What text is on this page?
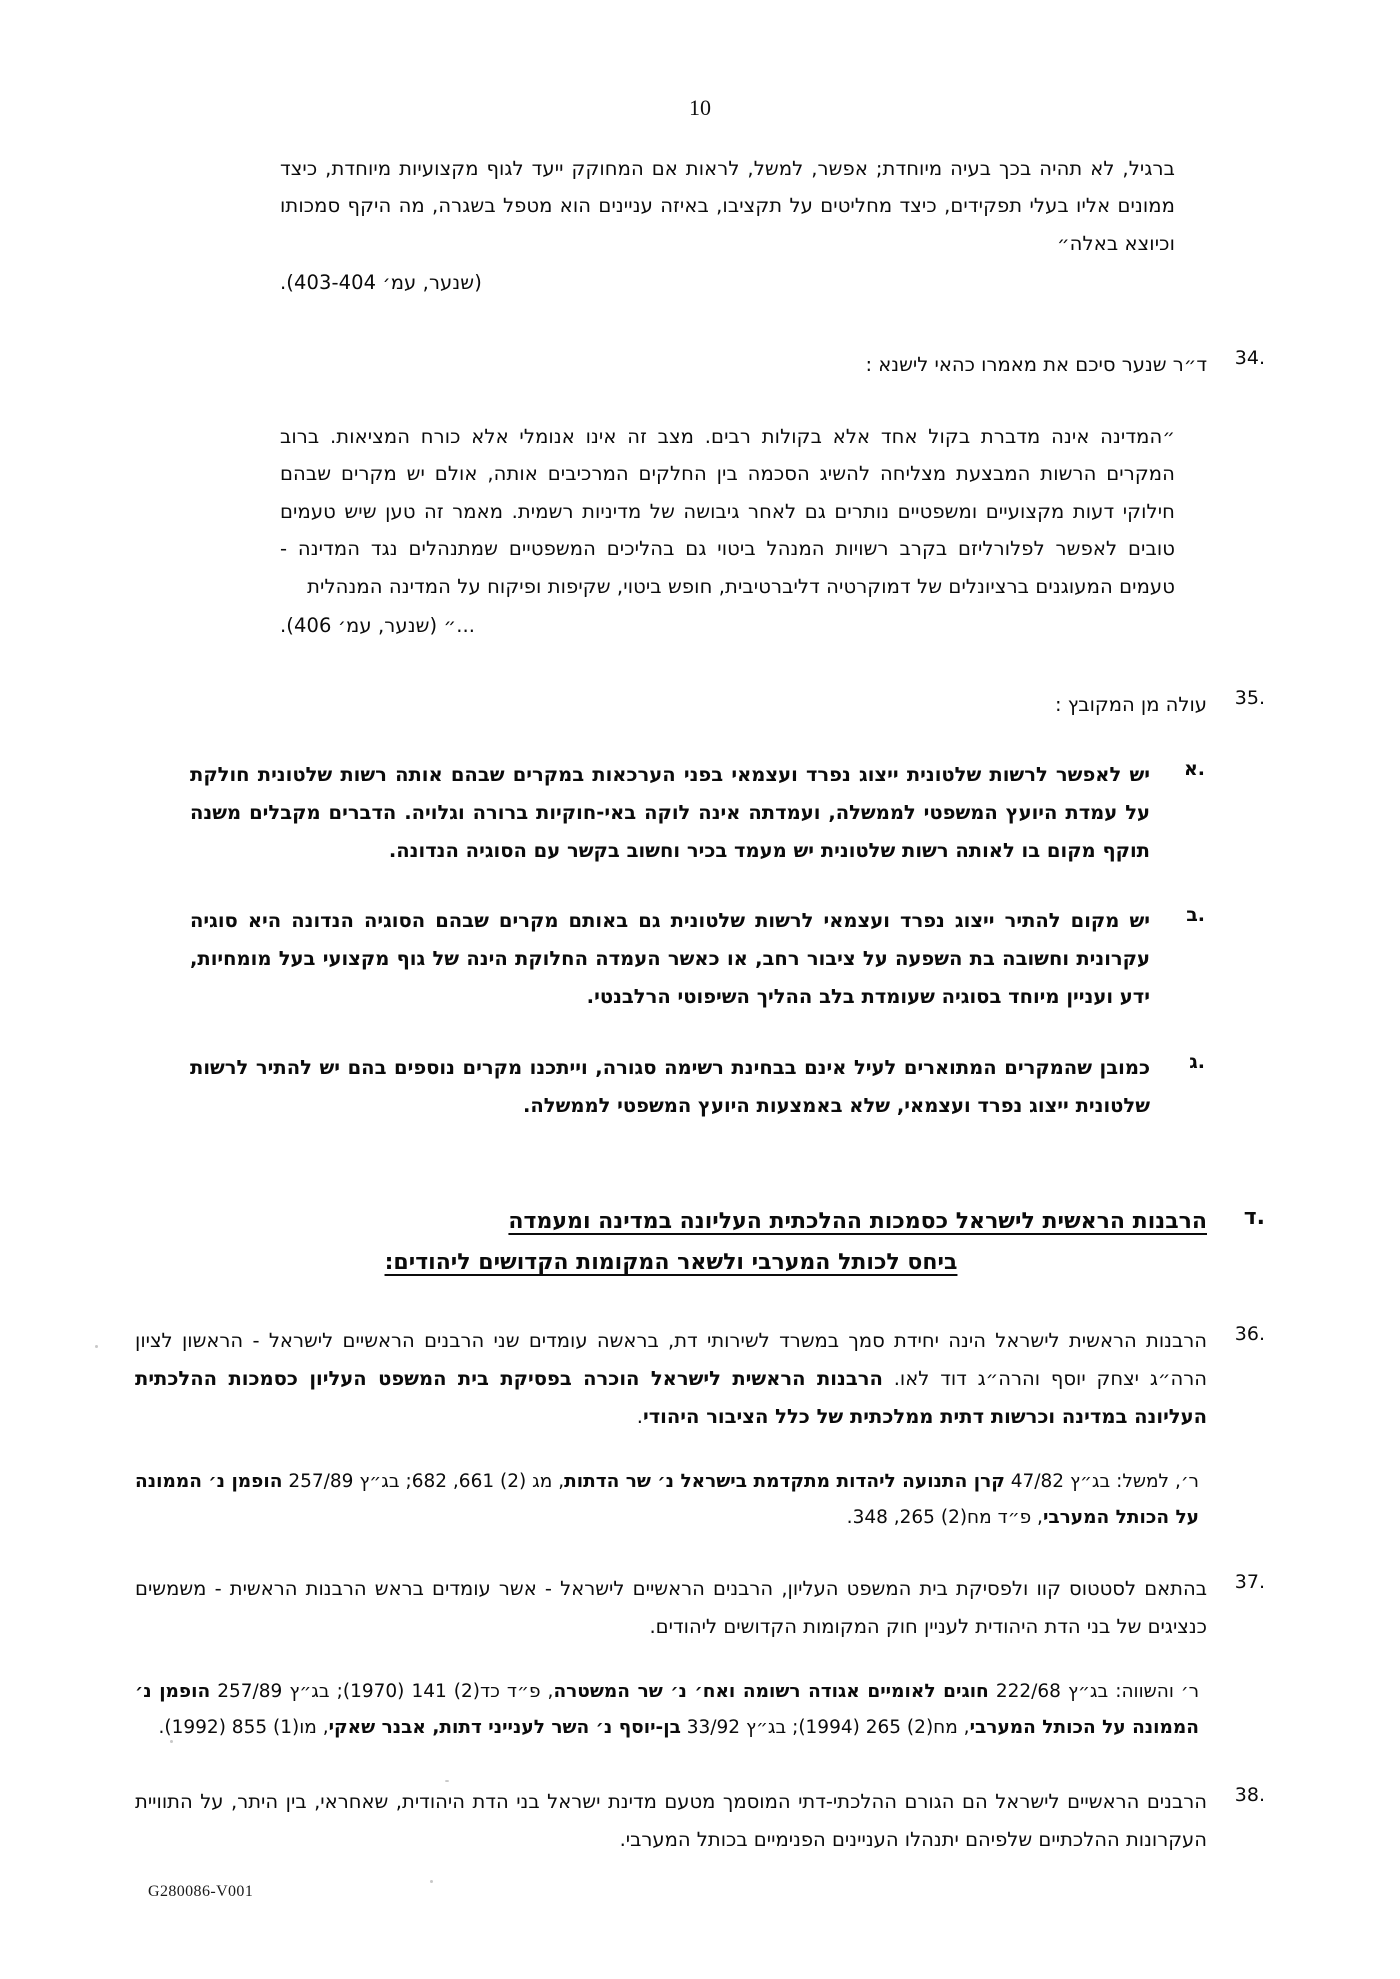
10

ברגיל, לא תהיה בכך בעיה מיוחדת; אפשר, למשל, לראות אם המחוקק ייעד לגוף מקצועיות מיוחדת, כיצד ממונים אליו בעלי תפקידים, כיצד מחליטים על תקציבו, באיזה עניינים הוא מטפל בשגרה, מה היקף סמכותו וכיוצא באלה״

(שנער, עמ׳ 403-404).
.34
ד״ר שנער סיכם את מאמרו כהאי לישנא :

״המדינה אינה מדברת בקול אחד אלא בקולות רבים. מצב זה אינו אנומלי אלא כורח המציאות. ברוב המקרים הרשות המבצעת מצליחה להשיג הסכמה בין החלקים המרכיבים אותה, אולם יש מקרים שבהם חילוקי דעות מקצועיים ומשפטיים נותרים גם לאחר גיבושה של מדיניות רשמית. מאמר זה טען שיש טעמים טובים לאפשר לפלורליזם בקרב רשויות המנהל ביטוי גם בהליכים המשפטיים שמתנהלים נגד המדינה - טעמים המעוגנים ברציונלים של דמוקרטיה דליברטיבית, חופש ביטוי, שקיפות ופיקוח על המדינה המנהלית

...״ (שנער, עמ׳ 406).
.35
עולה מן המקובץ :
.א
יש לאפשר לרשות שלטונית ייצוג נפרד ועצמאי בפני הערכאות במקרים שבהם אותה רשות שלטונית חולקת על עמדת היועץ המשפטי לממשלה, ועמדתה אינה לוקה באי-חוקיות ברורה וגלויה. הדברים מקבלים משנה תוקף מקום בו לאותה רשות שלטונית יש מעמד בכיר וחשוב בקשר עם הסוגיה הנדונה.
.ב
יש מקום להתיר ייצוג נפרד ועצמאי לרשות שלטונית גם באותם מקרים שבהם הסוגיה הנדונה היא סוגיה עקרונית וחשובה בת השפעה על ציבור רחב, או כאשר העמדה החלוקת הינה של גוף מקצועי בעל מומחיות, ידע ועניין מיוחד בסוגיה שעומדת בלב ההליך השיפוטי הרלבנטי.
.ג
כמובן שהמקרים המתוארים לעיל אינם בבחינת רשימה סגורה, וייתכנו מקרים נוספים בהם יש להתיר לרשות שלטונית ייצוג נפרד ועצמאי, שלא באמצעות היועץ המשפטי לממשלה.
.ד
הרבנות הראשית לישראל כסמכות ההלכתית העליונה במדינה ומעמדה
ביחס לכותל המערבי ולשאר המקומות הקדושים ליהודים:
.36
הרבנות הראשית לישראל הינה יחידת סמך במשרד לשירותי דת, בראשה עומדים שני הרבנים הראשיים לישראל - הראשון לציון הרה״ג יצחק יוסף והרה״ג דוד לאו. הרבנות הראשית לישראל הוכרה בפסיקת בית המשפט העליון כסמכות ההלכתית העליונה במדינה וכרשות דתית ממלכתית של כלל הציבור היהודי.
ר׳, למשל: בג״ץ 47/82 קרן התנועה ליהדות מתקדמת בישראל נ׳ שר הדתות, מג (2) 661, 682; בג״ץ 257/89 הופמן נ׳ הממונה על הכותל המערבי, פ״ד מח(2) 265, 348.
.37
בהתאם לסטטוס קוו ולפסיקת בית המשפט העליון, הרבנים הראשיים לישראל - אשר עומדים בראש הרבנות הראשית - משמשים כנציגים של בני הדת היהודית לעניין חוק המקומות הקדושים ליהודים.
ר׳ והשווה: בג״ץ 222/68 חוגים לאומיים אגודה רשומה ואח׳ נ׳ שר המשטרה, פ״ד כד(2) 141 (1970); בג״ץ 257/89 הופמן נ׳ הממונה על הכותל המערבי, מח(2) 265 (1994); בג״ץ 33/92 בן-יוסף נ׳ השר לענייני דתות, אבנר שאקי, מו(1) 855 (1992).
.38
הרבנים הראשיים לישראל הם הגורם ההלכתי-דתי המוסמך מטעם מדינת ישראל בני הדת היהודית, שאחראי, בין היתר, על התוויית העקרונות ההלכתיים שלפיהם יתנהלו העניינים הפנימיים בכותל המערבי.
G280086-V001
